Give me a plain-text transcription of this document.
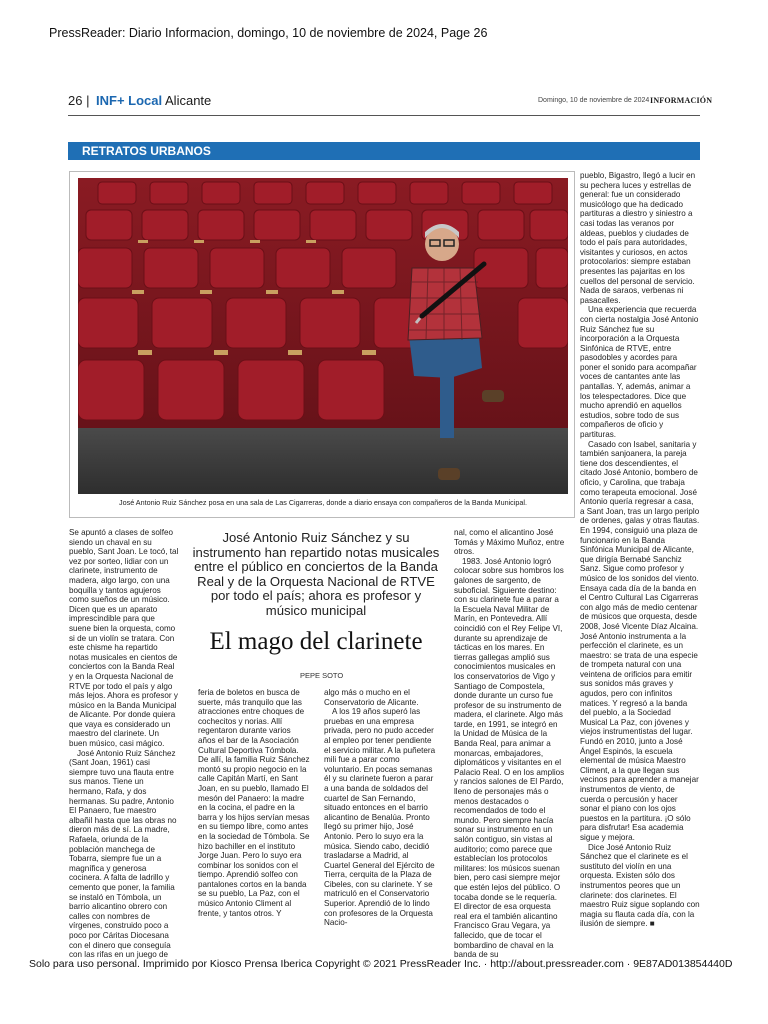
PressReader: Diario Informacion, domingo, 10 de noviembre de 2024, Page 26
26 | INF+ Local Alicante	Domingo, 10 de noviembre de 2024 INFORMACIÓN
RETRATOS URBANOS
José Antonio Ruiz Sánchez posa en una sala de Las Cigarreras, donde a diario ensaya con compañeros de la Banda Municipal.

pueblo, Bigastro, llegó a lucir en su pechera luces y estrellas de general: fue un considerado musicólogo que ha dedicado partituras a diestro y siniestro a casi todas las veranos por aldeas, pueblos y ciudades de todo el país para autoridades, visitantes y curiosos, en actos protocolarios: siempre estaban presentes las pajaritas en los cuellos del personal de servicio. Nada de saraos, verbenas ni pasacalles.

Una experiencia que recuerda con cierta nostalgia José Antonio Ruiz Sánchez fue su incorporación a la Orquesta Sinfónica de RTVE, entre pasodobles y acordes para poner el sonido para acompañar voces de cantantes ante las pantallas. Y, además, animar a los telespectadores. Dice que mucho aprendió en aquellos estudios, sobre todo de sus compañeros de oficio y partituras.

Casado con Isabel, sanitaria y también sanjoanera, la pareja tiene dos descendientes, el citado José Antonio, bombero de oficio, y Carolina, que trabaja como terapeuta emocional. José Antonio quería regresar a casa, a Sant Joan, tras un largo periplo de ordenes, galas y otras flautas. En 1994, consiguió una plaza de funcionario en la Banda Sinfónica Municipal de Alicante, que dirigía Bernabé Sanchiz Sanz. Sigue como profesor y músico de los sonidos del viento. Ensaya cada día de la banda en el Centro Cultural Las Cigarreras con algo más de medio centenar de músicos que orquesta, desde 2008, José Vicente Díaz Alcaina. José Antonio instrumenta a la perfección el clarinete, es un maestro: se trata de una especie de trompeta natural con una veintena de orificios para emitir sus sonidos más graves y agudos, pero con infinitos matices. Y regresó a la banda del pueblo, a la Sociedad Musical La Paz, con jóvenes y viejos instrumentistas del lugar. Fundó en 2010, junto a José Ángel Espinós, la escuela elemental de música Maestro Climent, a la que llegan sus vecinos para aprender a manejar instrumentos de viento, de cuerda o percusión y hacer sonar el piano con los ojos puestos en la partitura. ¡O sólo para disfrutar! Esa academia sigue y mejora.

Dice José Antonio Ruiz Sánchez que el clarinete es el sustituto del violín en una orquesta. Existen sólo dos instrumentos peores que un clarinete: dos clarinetes. El maestro Ruiz sigue soplando con magia su flauta cada día, con la ilusión de siempre. ■

Se apuntó a clases de solfeo siendo un chaval en su pueblo, Sant Joan. Le tocó, tal vez por sorteo, lidiar con un clarinete, instrumento de madera, algo largo, con una boquilla y tantos agujeros como sueños de un músico. Dicen que es un aparato imprescindible para que suene bien la orquesta, como si de un violín se tratara. Con este chisme ha repartido notas musicales en cientos de conciertos con la Banda Real y en la Orquesta Nacional de RTVE por todo el país y algo más lejos. Ahora es profesor y músico en la Banda Municipal de Alicante. Por donde quiera que vaya es considerado un maestro del clarinete. Un buen músico, casi mágico.

José Antonio Ruiz Sánchez (Sant Joan, 1961) casi siempre tuvo una flauta entre sus manos. Tiene un hermano, Rafa, y dos hermanas. Su padre, Antonio El Panaero, fue maestro albañil hasta que las obras no dieron más de sí. La madre, Rafaela, oriunda de la población manchega de Tobarra, siempre fue un a magnífica y generosa cocinera. A falta de ladrillo y cemento que poner, la familia se instaló en Tómbola, un barrio alicantino obrero con calles con nombres de vírgenes, construido poco a poco por Cáritas Diocesana con el dinero que conseguía con las rifas en un juego de

José Antonio Ruiz Sánchez y su instrumento han repartido notas musicales entre el público en conciertos de la Banda Real y de la Orquesta Nacional de RTVE por todo el país; ahora es profesor y músico municipal
El mago del clarinete
PEPE SOTO

feria de boletos en busca de suerte, más tranquilo que las atracciones entre choques de cochecitos y norias. Allí regentaron durante varios años el bar de la Asociación Cultural Deportiva Tómbola. De allí, la familia Ruiz Sánchez montó su propio negocio en la calle Capitán Martí, en Sant Joan, en su pueblo, llamado El mesón del Panaero: la madre en la cocina, el padre en la barra y los hijos servían mesas en su tiempo libre, como antes en la sociedad de Tómbola. Se hizo bachiller en el instituto Jorge Juan. Pero lo suyo era combinar los sonidos con el tiempo. Aprendió solfeo con pantalones cortos en la banda se su pueblo, La Paz, con el músico Antonio Climent al frente, y tantos otros. Y

algo más o mucho en el Conservatorio de Alicante.

A los 19 años superó las pruebas en una empresa privada, pero no pudo acceder al empleo por tener pendiente el servicio militar. A la puñetera mili fue a parar como voluntario. En pocas semanas él y su clarinete fueron a parar a una banda de soldados del cuartel de San Fernando, situado entonces en el barrio alicantino de Benalúa. Pronto llegó su primer hijo, José Antonio. Pero lo suyo era la música. Siendo cabo, decidió trasladarse a Madrid, al Cuartel General del Ejército de Tierra, cerquita de la Plaza de Cibeles, con su clarinete. Y se matriculó en el Conservatorio Superior. Aprendió de lo lindo con profesores de la Orquesta Nacio-

nal, como el alicantino José Tomás y Máximo Muñoz, entre otros.

1983. José Antonio logró colocar sobre sus hombros los galones de sargento, de suboficial. Siguiente destino: con su clarinete fue a parar a la Escuela Naval Militar de Marín, en Pontevedra. Allí coincidió con el Rey Felipe VI, durante su aprendizaje de tácticas en los mares. En tierras gallegas amplió sus conocimientos musicales en los conservatorios de Vigo y Santiago de Compostela, donde durante un curso fue profesor de su instrumento de madera, el clarinete. Algo más tarde, en 1991, se integró en la Unidad de Música de la Banda Real, para animar a monarcas, embajadores, diplomáticos y visitantes en el Palacio Real. O en los amplios y rancios salones de El Pardo, lleno de personajes más o menos destacados o recomendados de todo el mundo. Pero siempre hacía sonar su instrumento en un salón contiguo, sin vistas al auditorio; como parece que establecían los protocolos militares: los músicos suenan bien, pero casi siempre mejor que estén lejos del público. O tocaba donde se le requería. El director de esa orquesta real era el también alicantino Francisco Grau Vegara, ya fallecido, que de tocar el bombardino de chaval en la banda de su

Solo para uso personal. Imprimido por Kiosco Prensa Iberica Copyright © 2021 PressReader Inc. · http://about.pressreader.com · 9E87AD013854440D
